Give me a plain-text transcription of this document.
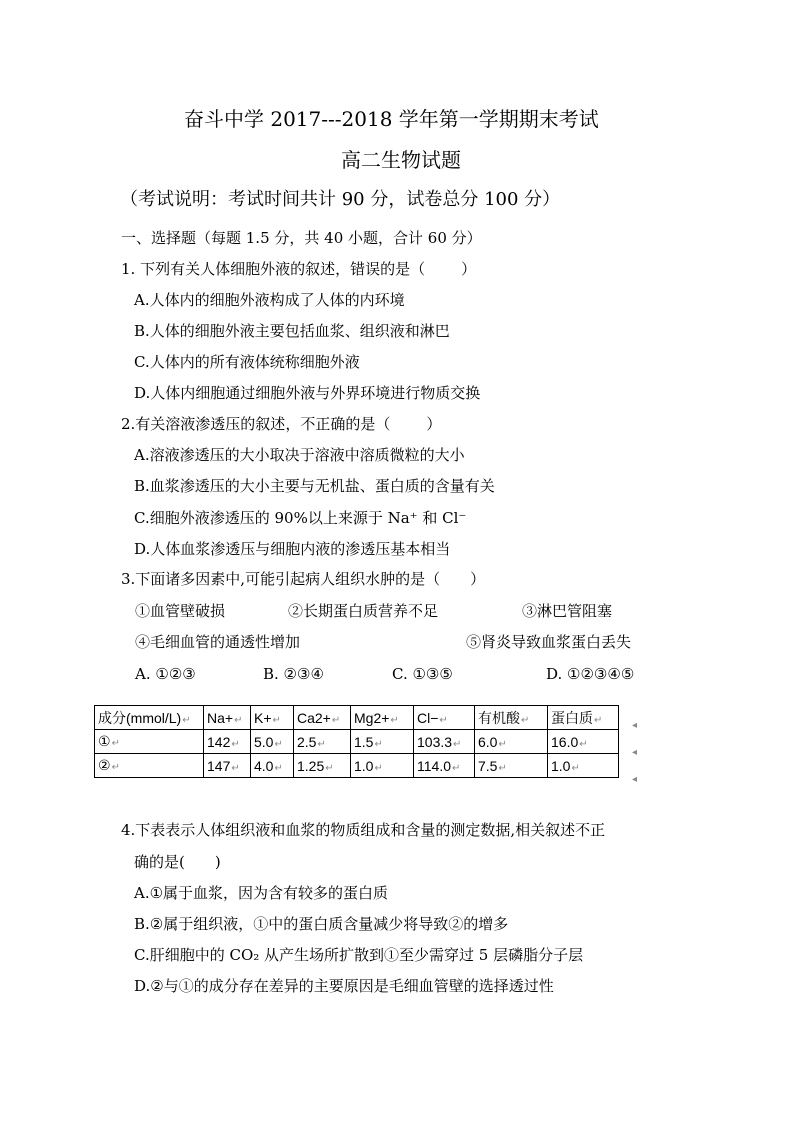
奋斗中学 2017---2018 学年第一学期期末考试
高二生物试题
（考试说明：考试时间共计 90 分，试卷总分 100 分）
一、选择题（每题 1.5 分，共 40 小题，合计 60 分）
1. 下列有关人体细胞外液的叙述，错误的是（ ）
A.人体内的细胞外液构成了人体的内环境
B.人体的细胞外液主要包括血浆、组织液和淋巴
C.人体内的所有液体统称细胞外液
D.人体内细胞通过细胞外液与外界环境进行物质交换
2.有关溶液渗透压的叙述，不正确的是（ ）
A.溶液渗透压的大小取决于溶液中溶质微粒的大小
B.血浆渗透压的大小主要与无机盐、蛋白质的含量有关
C.细胞外液渗透压的 90%以上来源于 Na⁺ 和 Cl⁻
D.人体血浆渗透压与细胞内液的渗透压基本相当
3.下面诸多因素中,可能引起病人组织水肿的是（ ）
①血管壁破损	②长期蛋白质营养不足	③淋巴管阻塞
④毛细血管的通透性增加	⑤肾炎导致血浆蛋白丢失
A. ①②③	B. ②③④	C. ①③⑤	D. ①②③④⑤
成分(mmol/L)↵	Na+↵	K+↵	Ca2+↵	Mg2+↵	Cl−↵	有机酸↵	蛋白质↵
①↵	142↵	5.0↵	2.5↵	1.5↵	103.3↵	6.0↵	16.0↵
②↵	147↵	4.0↵	1.25↵	1.0↵	114.0↵	7.5↵	1.0↵
◂
◂
◂
4.下表表示人体组织液和血浆的物质组成和含量的测定数据,相关叙述不正
确的是( )
A.①属于血浆，因为含有较多的蛋白质
B.②属于组织液，①中的蛋白质含量减少将导致②的增多
C.肝细胞中的 CO₂ 从产生场所扩散到①至少需穿过 5 层磷脂分子层
D.②与①的成分存在差异的主要原因是毛细血管壁的选择透过性
